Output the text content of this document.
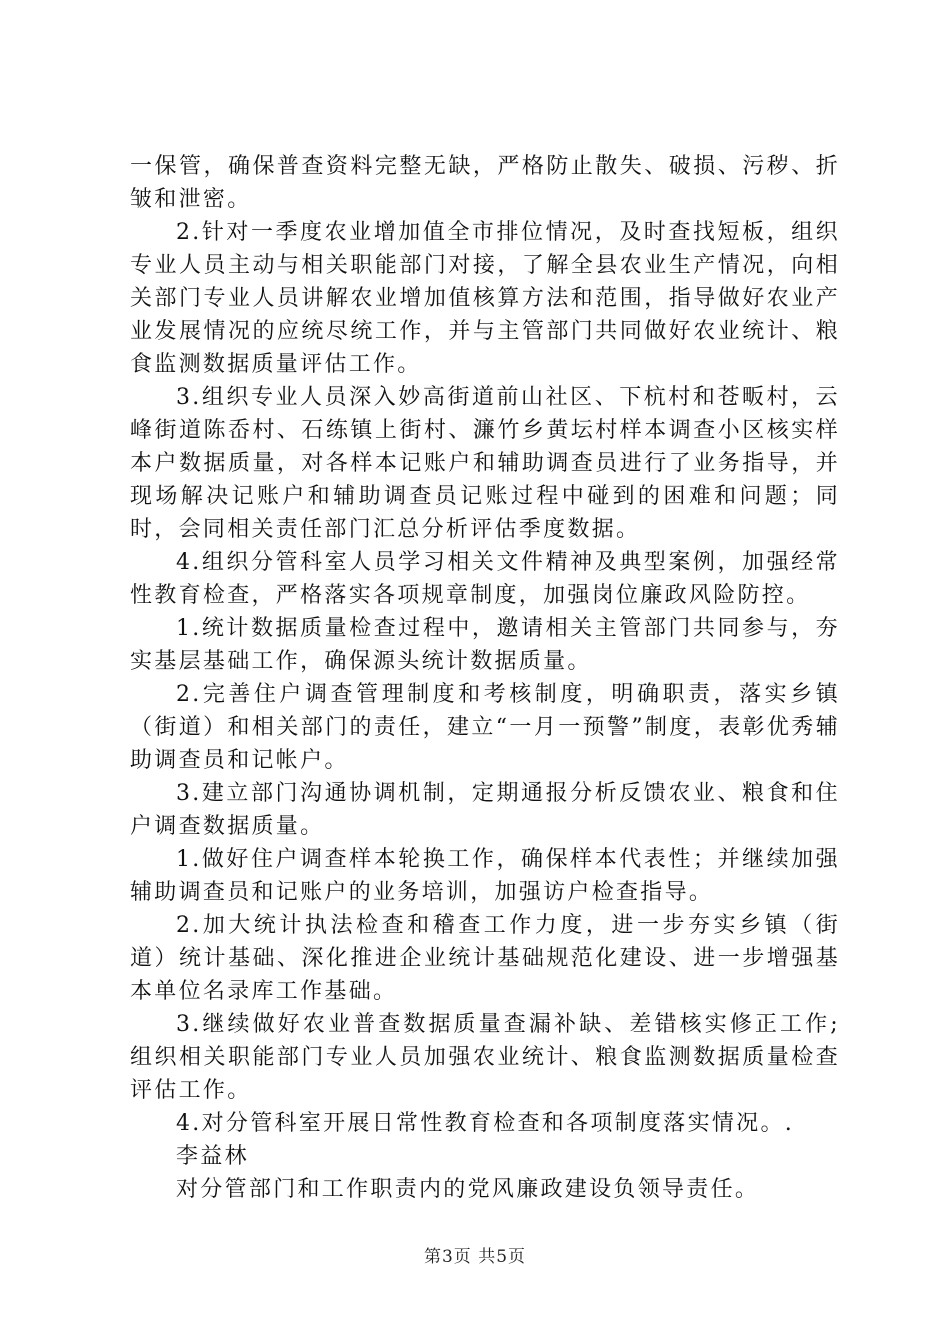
一保管，确保普查资料完整无缺，严格防止散失、破损、污秽、折皱和泄密。

2.针对一季度农业增加值全市排位情况，及时查找短板，组织专业人员主动与相关职能部门对接，了解全县农业生产情况，向相关部门专业人员讲解农业增加值核算方法和范围，指导做好农业产业发展情况的应统尽统工作，并与主管部门共同做好农业统计、粮食监测数据质量评估工作。

3.组织专业人员深入妙高街道前山社区、下杭村和苍畈村，云峰街道陈岙村、石练镇上街村、濂竹乡黄坛村样本调查小区核实样本户数据质量，对各样本记账户和辅助调查员进行了业务指导，并现场解决记账户和辅助调查员记账过程中碰到的困难和问题；同时，会同相关责任部门汇总分析评估季度数据。

4.组织分管科室人员学习相关文件精神及典型案例，加强经常性教育检查，严格落实各项规章制度，加强岗位廉政风险防控。

1.统计数据质量检查过程中，邀请相关主管部门共同参与，夯实基层基础工作，确保源头统计数据质量。

2.完善住户调查管理制度和考核制度，明确职责，落实乡镇（街道）和相关部门的责任，建立“一月一预警”制度，表彰优秀辅助调查员和记帐户。

3.建立部门沟通协调机制，定期通报分析反馈农业、粮食和住户调查数据质量。

1.做好住户调查样本轮换工作，确保样本代表性；并继续加强辅助调查员和记账户的业务培训，加强访户检查指导。

2.加大统计执法检查和稽查工作力度，进一步夯实乡镇（街道）统计基础、深化推进企业统计基础规范化建设、进一步增强基本单位名录库工作基础。

3.继续做好农业普查数据质量查漏补缺、差错核实修正工作;组织相关职能部门专业人员加强农业统计、粮食监测数据质量检查评估工作。

4.对分管科室开展日常性教育检查和各项制度落实情况。.

李益林

对分管部门和工作职责内的党风廉政建设负领导责任。

第3页 共5页
